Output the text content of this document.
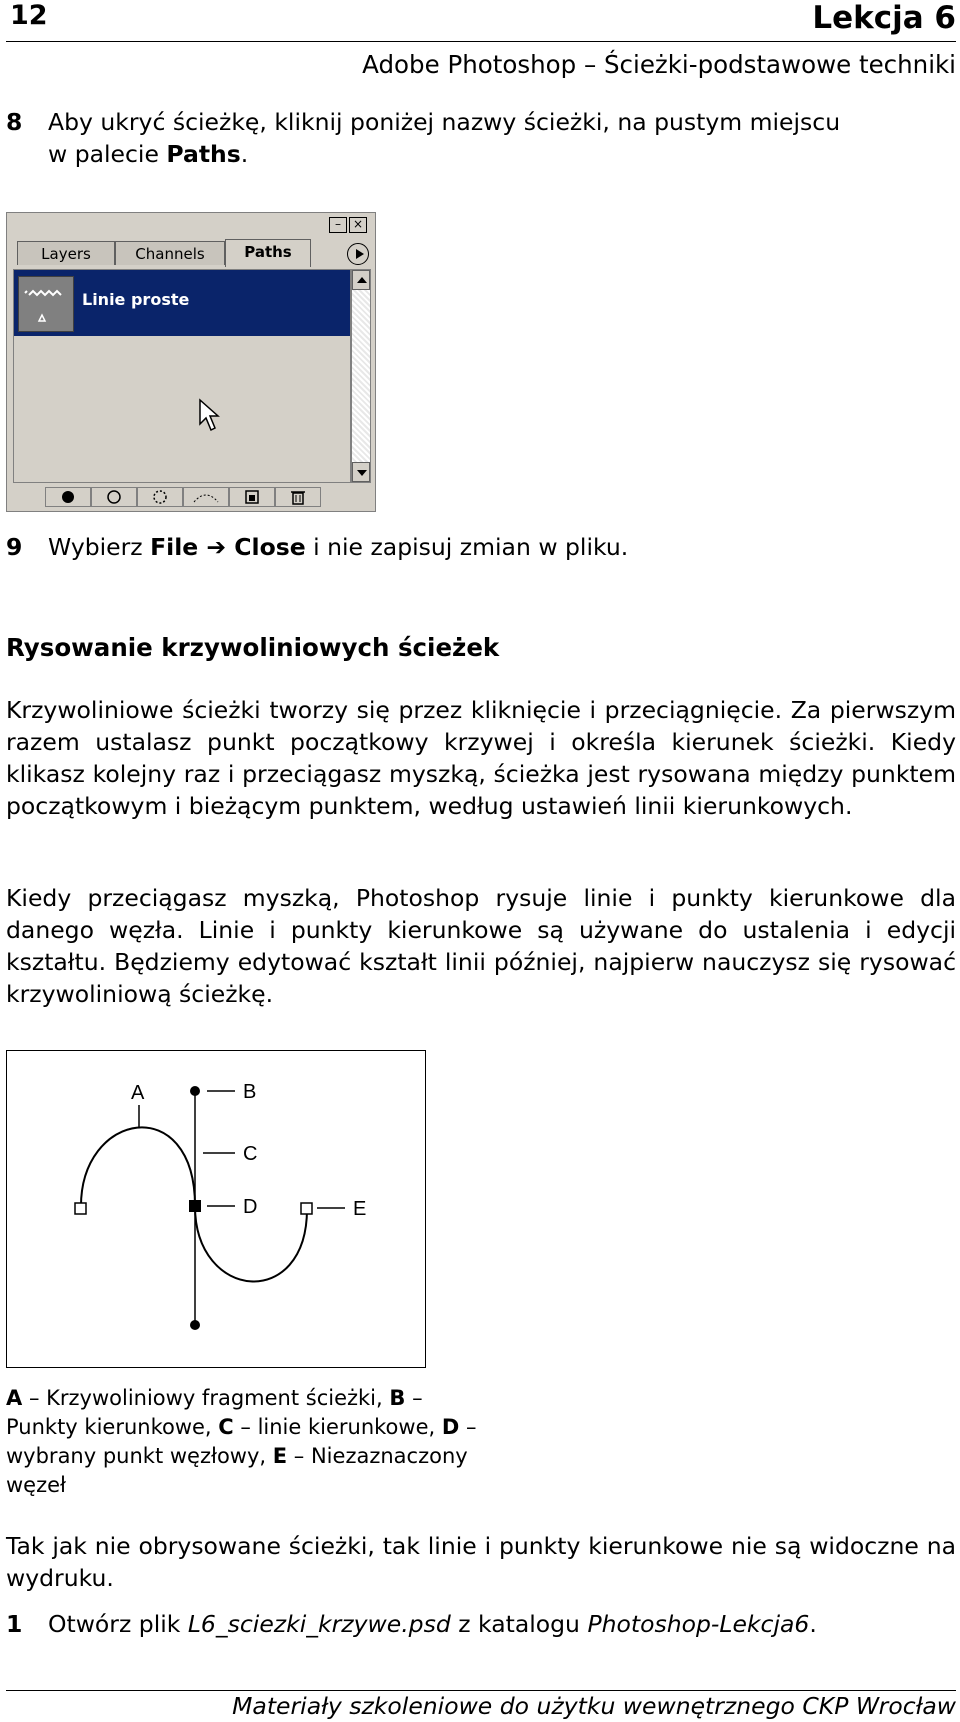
12	Lekcja 6
Adobe Photoshop – Ścieżki-podstawowe techniki
8 Aby ukryć ścieżkę, kliknij poniżej nazwy ścieżki, na pustym miejscu
w palecie Paths.
– ×
Layers	Channels	Paths
Linie proste
9 Wybierz File ➔ Close i nie zapisuj zmian w pliku.
Rysowanie krzywoliniowych ścieżek
Krzywoliniowe ścieżki tworzy się przez kliknięcie i przeciągnięcie. Za pierwszym razem ustalasz punkt początkowy krzywej i określa kierunek ścieżki. Kiedy klikasz kolejny raz i przeciągasz myszką, ścieżka jest rysowana między punktem początkowym i bieżącym punktem, według ustawień linii kierunkowych.
Kiedy przeciągasz myszką, Photoshop rysuje linie i punkty kierunkowe dla danego węzła. Linie i punkty kierunkowe są używane do ustalenia i edycji kształtu. Będziemy edytować kształt linii później, najpierw nauczysz się rysować krzywoliniową ścieżkę.
A	B
C
D	E
A – Krzywoliniowy fragment ścieżki, B – Punkty kierunkowe, C – linie kierunkowe, D – wybrany punkt węzłowy, E – Niezaznaczony węzeł
Tak jak nie obrysowane ścieżki, tak linie i punkty kierunkowe nie są widoczne na wydruku.
1 Otwórz plik L6_sciezki_krzywe.psd z katalogu Photoshop-Lekcja6.
Materiały szkoleniowe do użytku wewnętrznego CKP Wrocław
